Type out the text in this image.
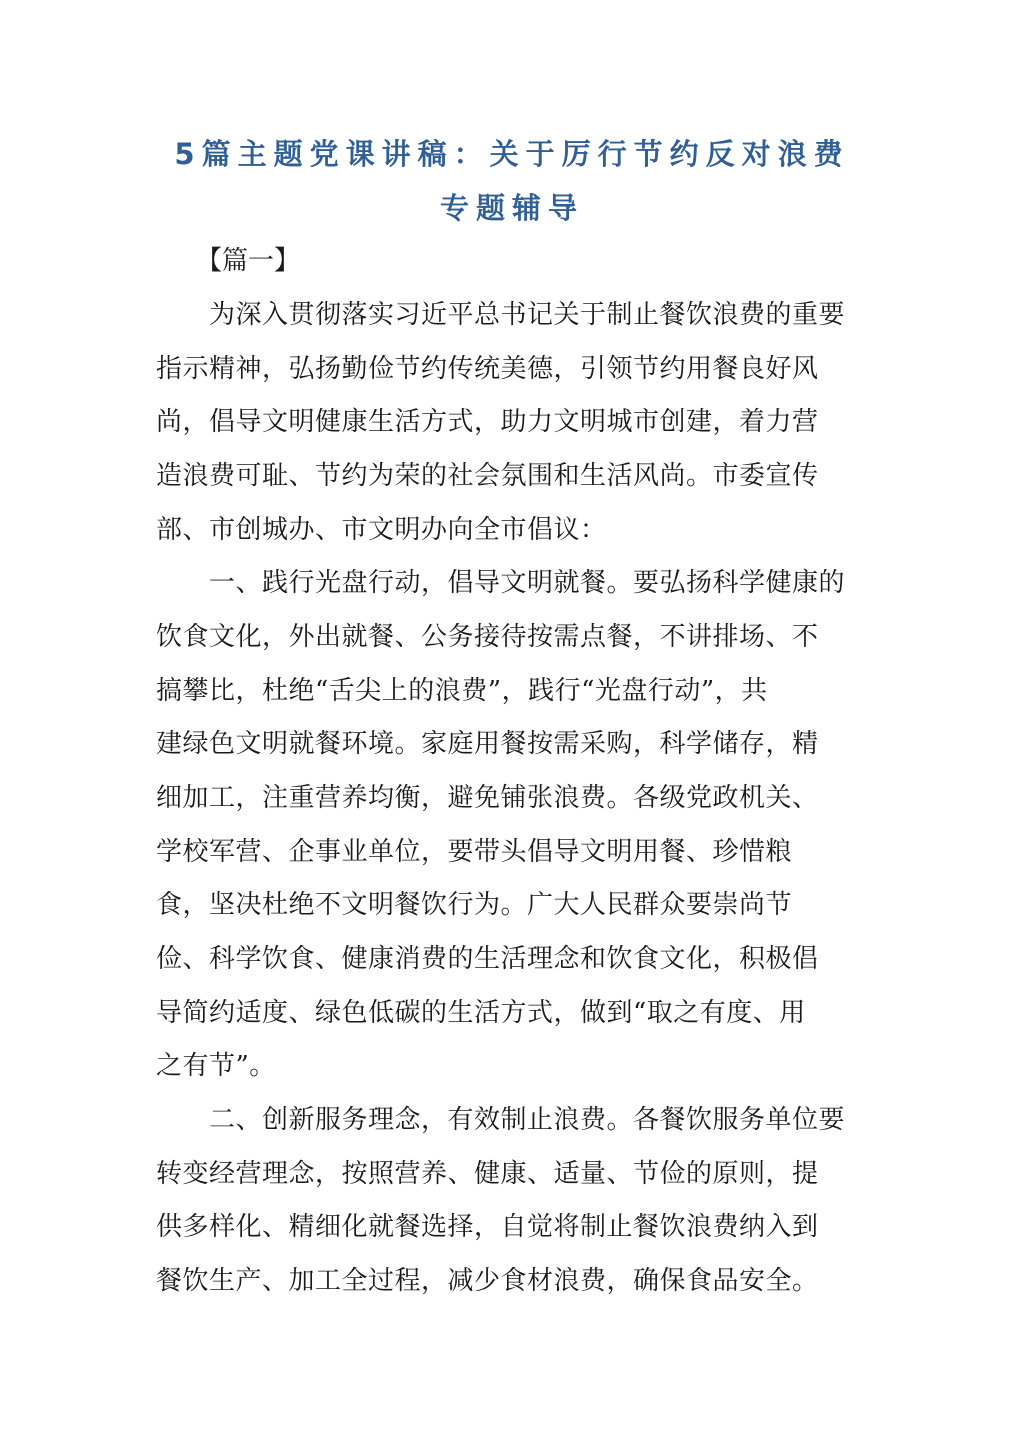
5篇主题党课讲稿：关于厉行节约反对浪费
专题辅导
【篇一】
　　为深入贯彻落实习近平总书记关于制止餐饮浪费的重要
指示精神，弘扬勤俭节约传统美德，引领节约用餐良好风
尚，倡导文明健康生活方式，助力文明城市创建，着力营
造浪费可耻、节约为荣的社会氛围和生活风尚。市委宣传
部、市创城办、市文明办向全市倡议：
　　一、践行光盘行动，倡导文明就餐。要弘扬科学健康的
饮食文化，外出就餐、公务接待按需点餐，不讲排场、不
搞攀比，杜绝“舌尖上的浪费”，践行“光盘行动”，共
建绿色文明就餐环境。家庭用餐按需采购，科学储存，精
细加工，注重营养均衡，避免铺张浪费。各级党政机关、
学校军营、企事业单位，要带头倡导文明用餐、珍惜粮
食，坚决杜绝不文明餐饮行为。广大人民群众要崇尚节
俭、科学饮食、健康消费的生活理念和饮食文化，积极倡
导简约适度、绿色低碳的生活方式，做到“取之有度、用
之有节”。
　　二、创新服务理念，有效制止浪费。各餐饮服务单位要
转变经营理念，按照营养、健康、适量、节俭的原则，提
供多样化、精细化就餐选择，自觉将制止餐饮浪费纳入到
餐饮生产、加工全过程，减少食材浪费，确保食品安全。
